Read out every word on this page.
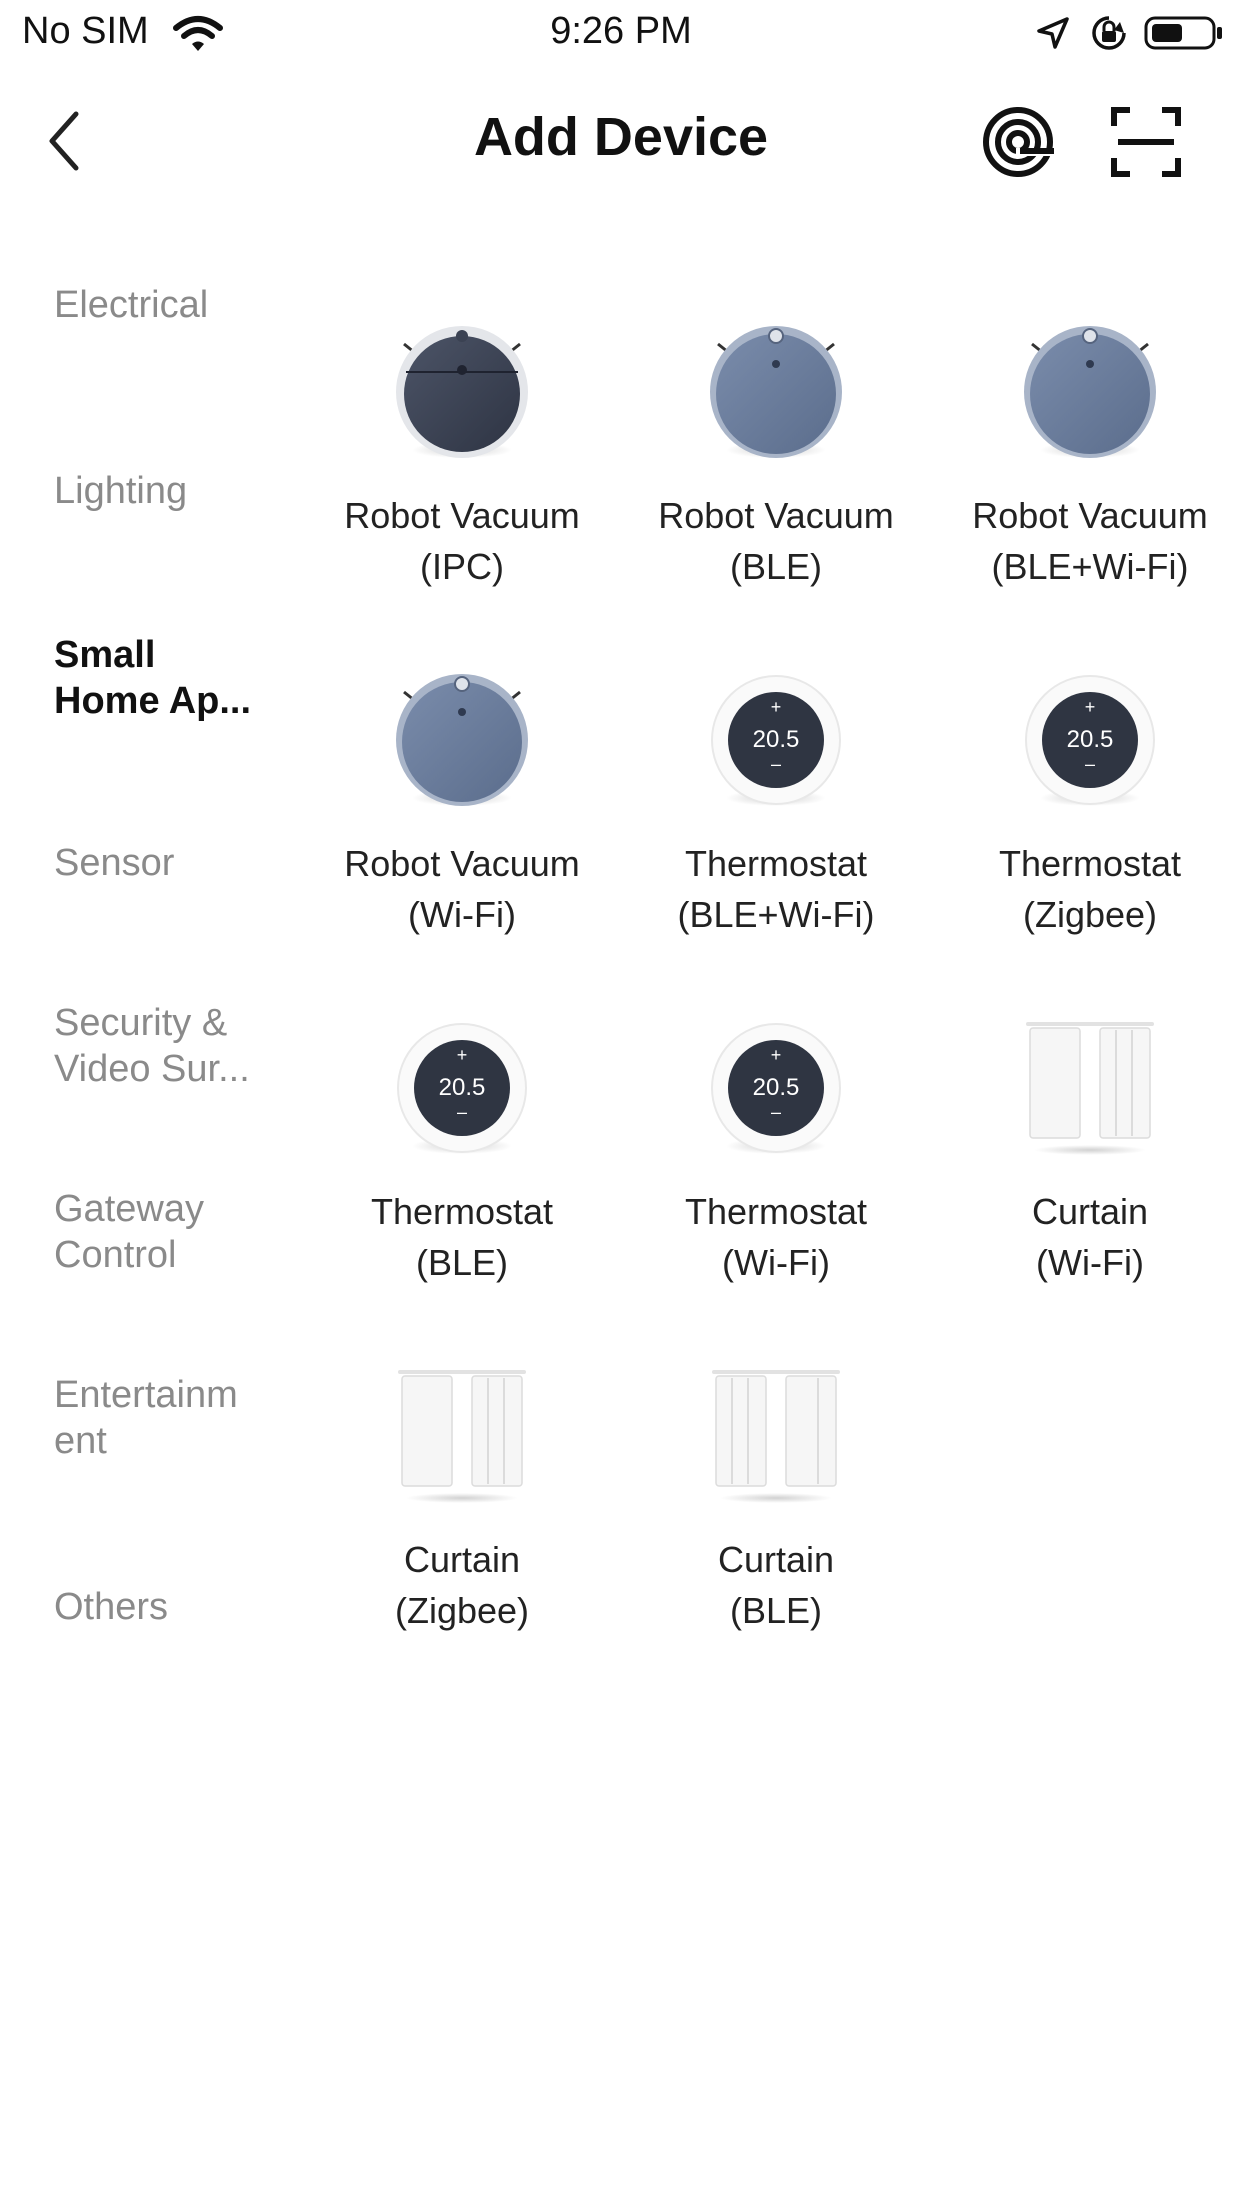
No SIM	9:26 PM
Add Device
Electrical
Lighting
Small
Home Ap...
Sensor
Security &
Video Sur...
Gateway
Control
Entertainm
ent
Others
Robot Vacuum
(IPC)
Robot Vacuum
(BLE)
Robot Vacuum
(BLE+Wi-Fi)
Robot Vacuum
(Wi-Fi)
+
20.5
–
Thermostat
(BLE+Wi-Fi)
+
20.5
–
Thermostat
(Zigbee)
+
20.5
–
Thermostat
(BLE)
+
20.5
–
Thermostat
(Wi-Fi)
Curtain
(Wi-Fi)
Curtain
(Zigbee)
Curtain
(BLE)
